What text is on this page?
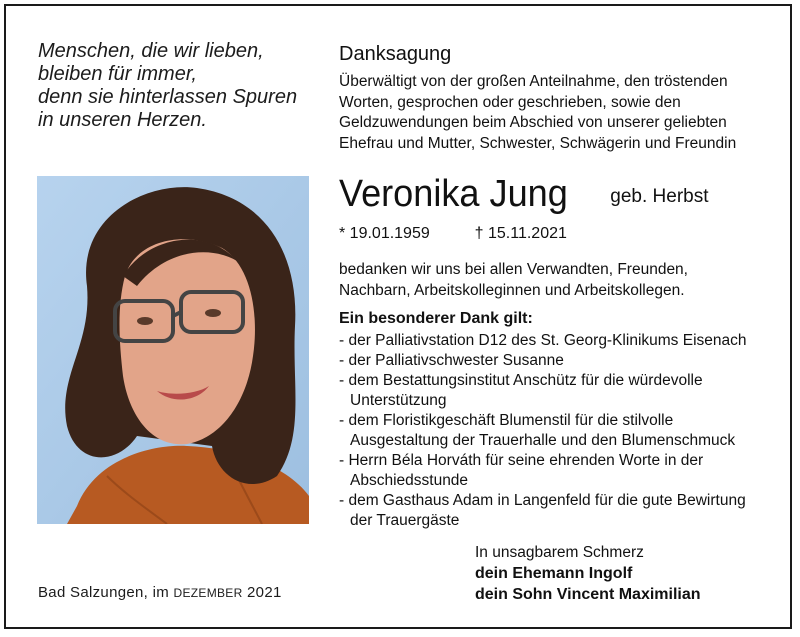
Menschen, die wir lieben,
bleiben für immer,
denn sie hinterlassen Spuren
in unseren Herzen.
Bad Salzungen, im DEZEMBER 2021
Danksagung
Überwältigt von der großen Anteilnahme, den tröstenden
Worten, gesprochen oder geschrieben, sowie den
Geldzuwendungen beim Abschied von unserer geliebten
Ehefrau und Mutter, Schwester, Schwägerin und Freundin
Veronika Jung geb. Herbst
* 19.01.1959	† 15.11.2021
bedanken wir uns bei allen Verwandten, Freunden,
Nachbarn, Arbeitskolleginnen und Arbeitskollegen.
Ein besonderer Dank gilt:
- der Palliativstation D12 des St. Georg-Klinikums Eisenach
- der Palliativschwester Susanne
- dem Bestattungsinstitut Anschütz für die würdevolle
Unterstützung
- dem Floristikgeschäft Blumenstil für die stilvolle
Ausgestaltung der Trauerhalle und den Blumenschmuck
- Herrn Béla Horváth für seine ehrenden Worte in der
Abschiedsstunde
- dem Gasthaus Adam in Langenfeld für die gute Bewirtung
der Trauergäste
In unsagbarem Schmerz
dein Ehemann Ingolf
dein Sohn Vincent Maximilian
